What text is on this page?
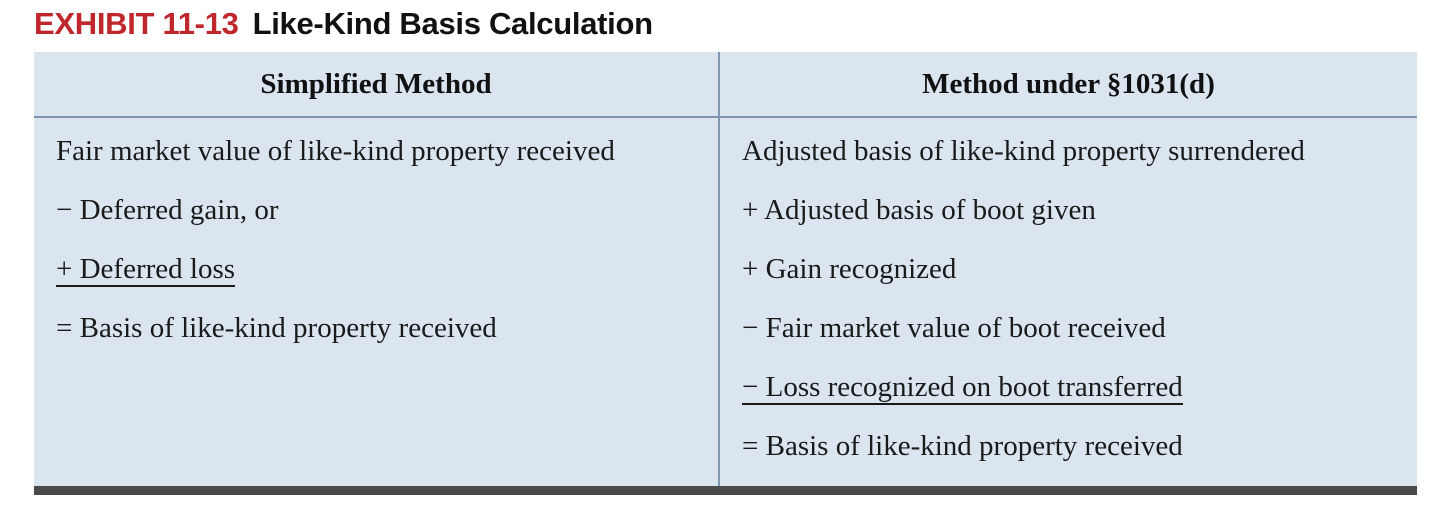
EXHIBIT 11-13 Like-Kind Basis Calculation
Simplified Method	Method under §1031(d)
Fair market value of like-kind property received
− Deferred gain, or
+ Deferred loss
= Basis of like-kind property received
Adjusted basis of like-kind property surrendered
+ Adjusted basis of boot given
+ Gain recognized
− Fair market value of boot received
− Loss recognized on boot transferred
= Basis of like-kind property received
